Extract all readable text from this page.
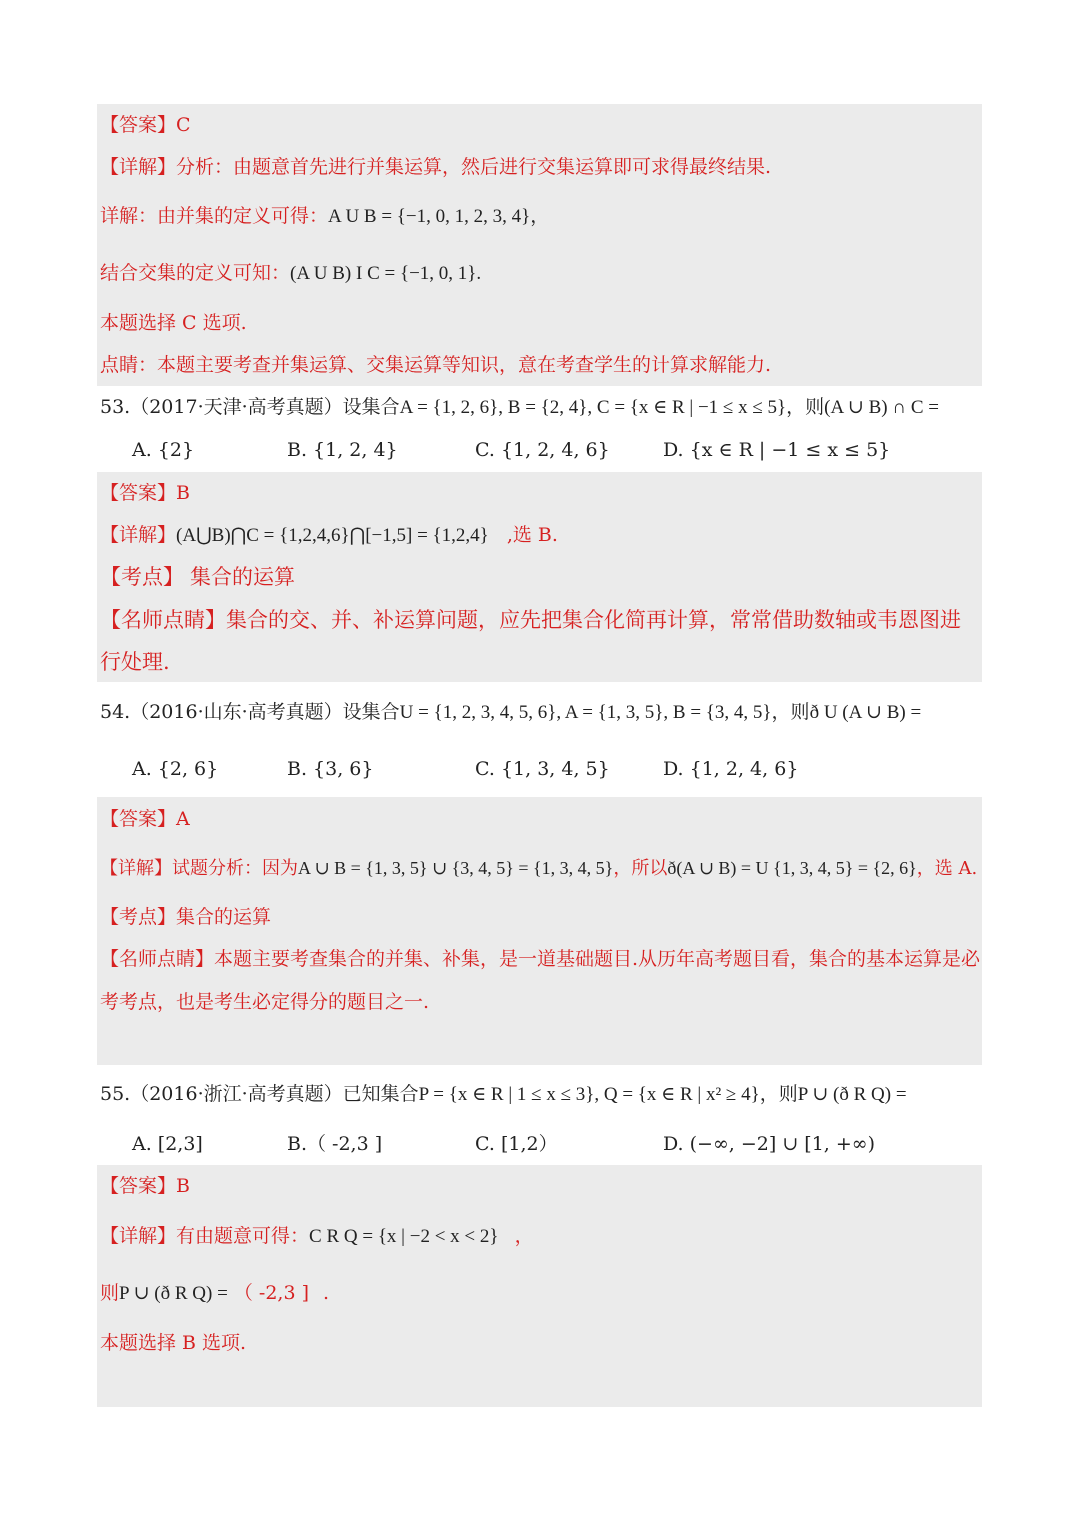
【答案】C
【详解】分析：由题意首先进行并集运算，然后进行交集运算即可求得最终结果.
详解：由并集的定义可得：A U B = {−1, 0, 1, 2, 3, 4}，
结合交集的定义可知：(A U B) I C = {−1, 0, 1}.
本题选择 C 选项.
点睛：本题主要考查并集运算、交集运算等知识，意在考查学生的计算求解能力.
53.（2017·天津·高考真题）设集合A = {1, 2, 6}, B = {2, 4}, C = {x ∈ R | −1 ≤ x ≤ 5}，则(A ∪ B) ∩ C =
A. {2}	B. {1, 2, 4}	C. {1, 2, 4, 6}	D. {x ∈ R | −1 ≤ x ≤ 5}
【答案】B
【详解】(A⋃B)⋂C = {1,2,4,6}⋂[−1,5] = {1,2,4} ,选 B.
【考点】 集合的运算
【名师点睛】集合的交、并、补运算问题，应先把集合化简再计算，常常借助数轴或韦恩图进
行处理.
54.（2016·山东·高考真题）设集合U = {1, 2, 3, 4, 5, 6}, A = {1, 3, 5}, B = {3, 4, 5}，则ð U (A ∪ B) =
A. {2, 6}	B. {3, 6}	C. {1, 3, 4, 5}	D. {1, 2, 4, 6}
【答案】A
【详解】试题分析：因为A ∪ B = {1, 3, 5} ∪ {3, 4, 5} = {1, 3, 4, 5}，所以ð(A ∪ B) = U {1, 3, 4, 5} = {2, 6}，选 A.
【考点】集合的运算
【名师点睛】本题主要考查集合的并集、补集，是一道基础题目.从历年高考题目看，集合的基本运算是必
考考点，也是考生必定得分的题目之一.
55.（2016·浙江·高考真题）已知集合P = {x ∈ R | 1 ≤ x ≤ 3}, Q = {x ∈ R | x² ≥ 4}，则P ∪ (ð R Q) =
A. [2,3]	B.（ -2,3 ]	C. [1,2）	D. (−∞, −2] ∪ [1, +∞)
【答案】B
【详解】有由题意可得：C R Q = {x | −2 < x < 2} ，
则P ∪ (ð R Q) = （ -2,3 ] .
本题选择 B 选项.
